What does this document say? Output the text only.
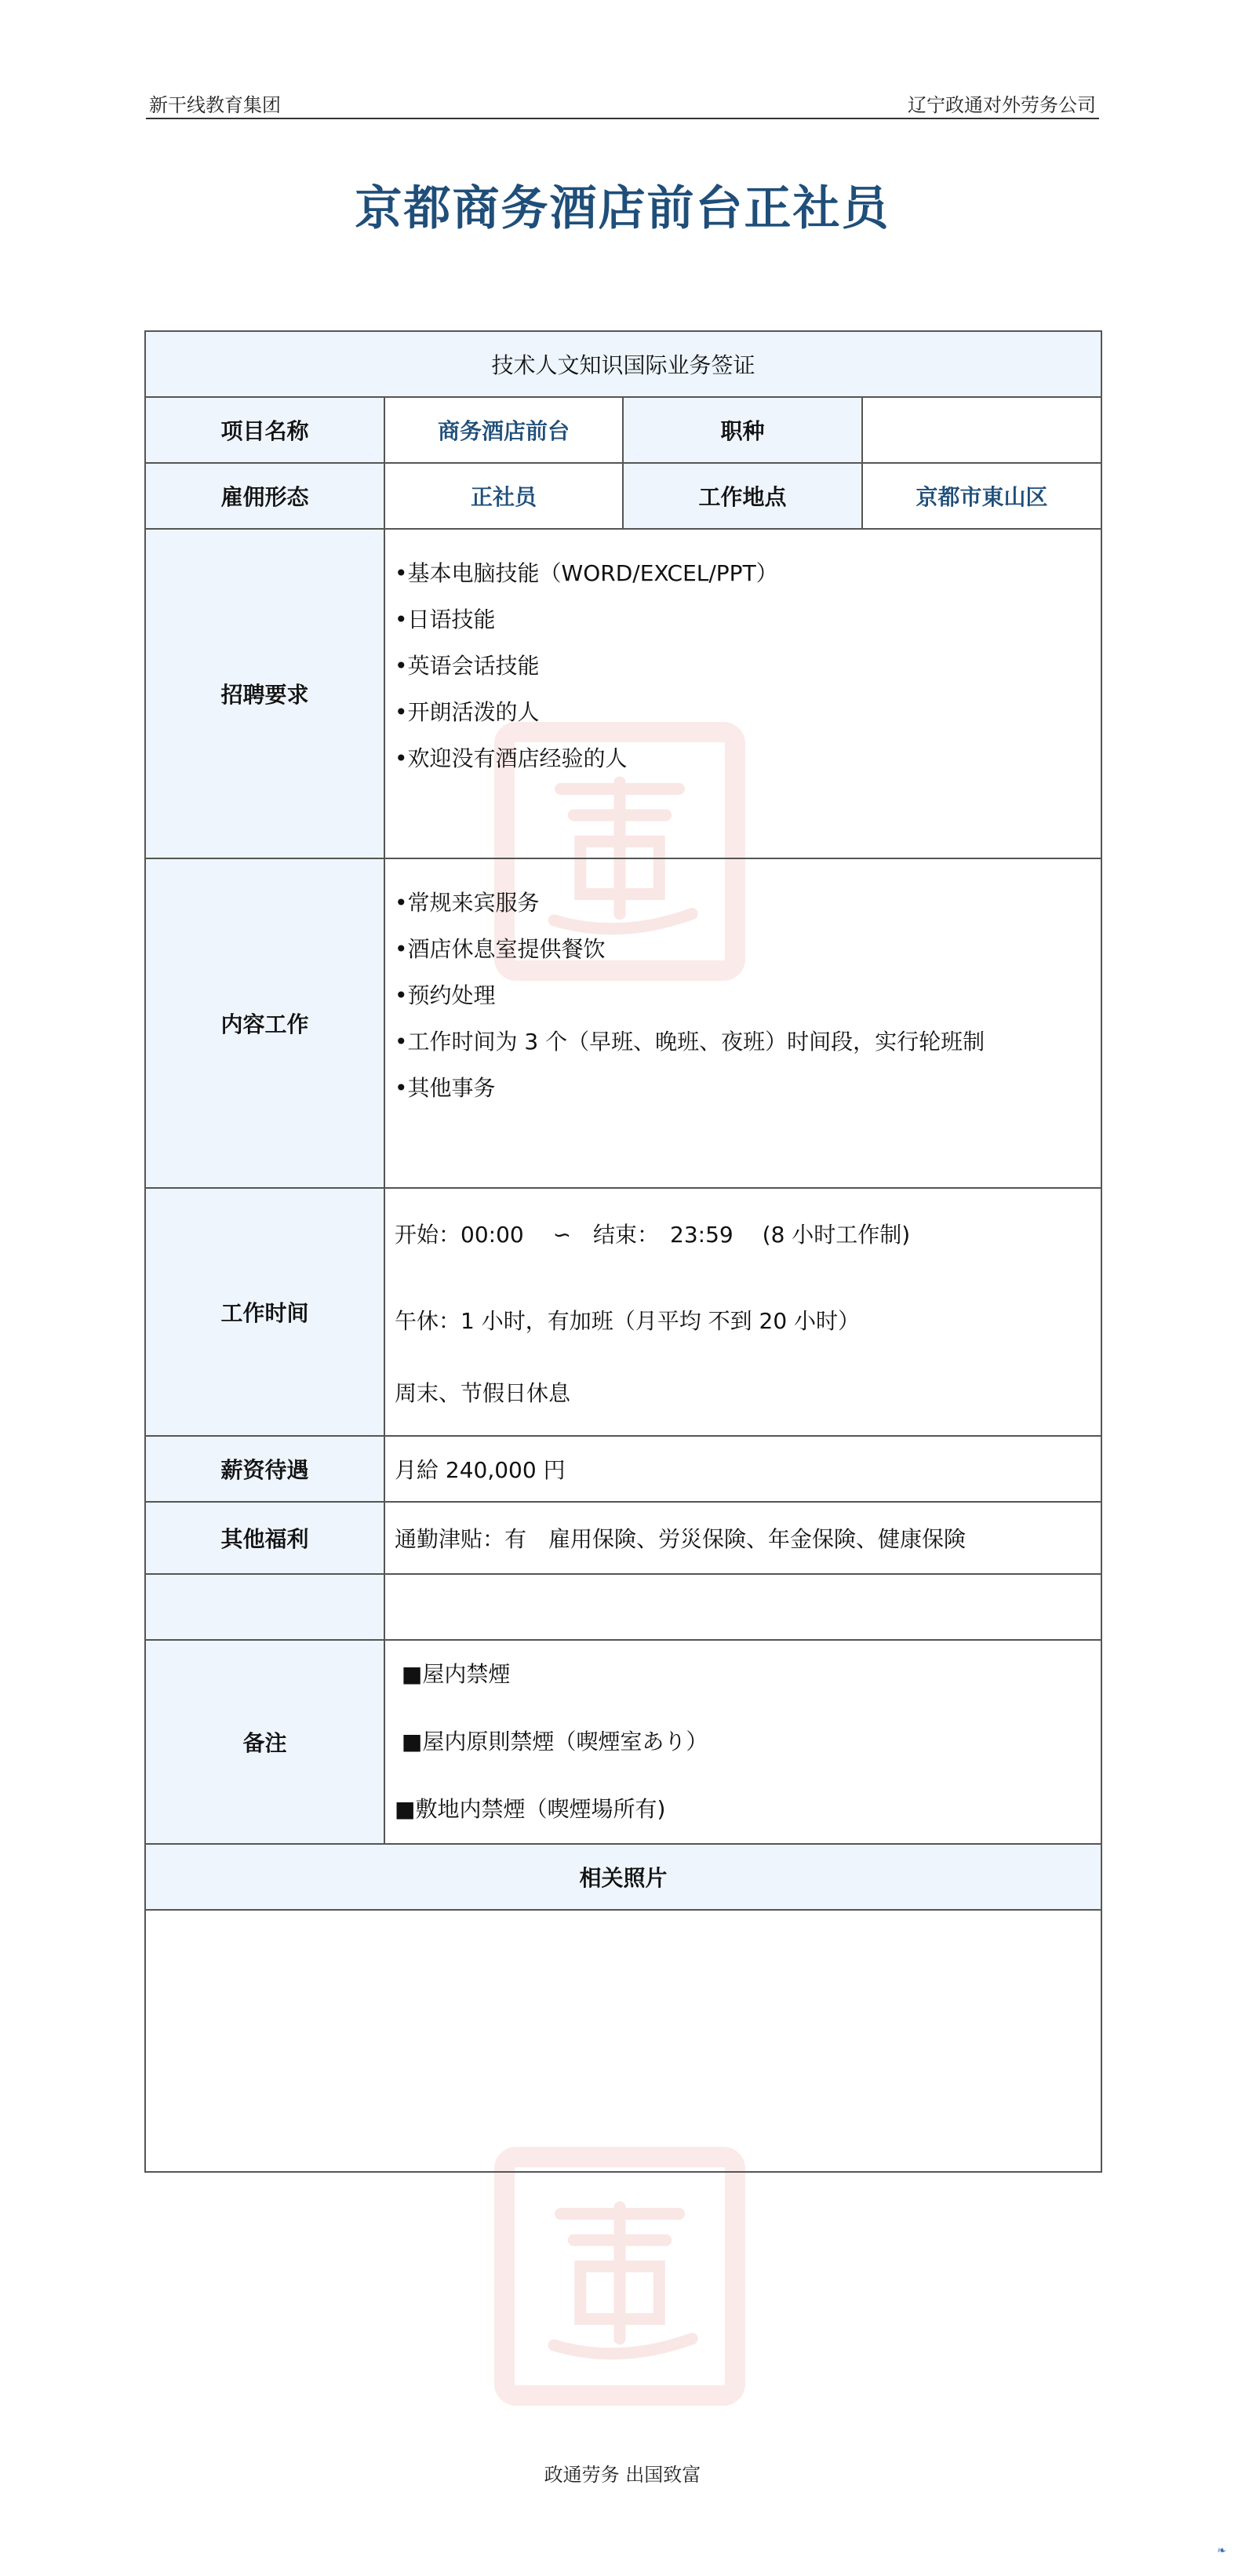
新干线教育集团	辽宁政通对外劳务公司
京都商务酒店前台正社员
技术人文知识国际业务签证			
项目名称	商务酒店前台	职种	
雇佣形态	正社员	工作地点	京都市東山区
招聘要求	•基本电脑技能（WORD/EXCEL/PPT）
•日语技能
•英语会话技能
•开朗活泼的人
•欢迎没有酒店经验的人		

内容工作	•常规来宾服务
•酒店休息室提供餐饮
•预约处理
•工作时间为 3 个（早班、晚班、夜班）时间段，实行轮班制
•其他事务		

工作时间	开始：00:00　 ∽　结束：　23:59　 (8 小时工作制)
午休：1 小时，有加班（月平均 不到 20 小时）
周末、节假日休息		

薪资待遇	月給 240,000 円		
其他福利	通勤津贴：有　雇用保険、労災保険、年金保険、健康保険		

备注	■屋内禁煙
■屋内原則禁煙（喫煙室あり）
■敷地内禁煙（喫煙場所有)		

相关照片			

政通劳务 出国致富
❧
